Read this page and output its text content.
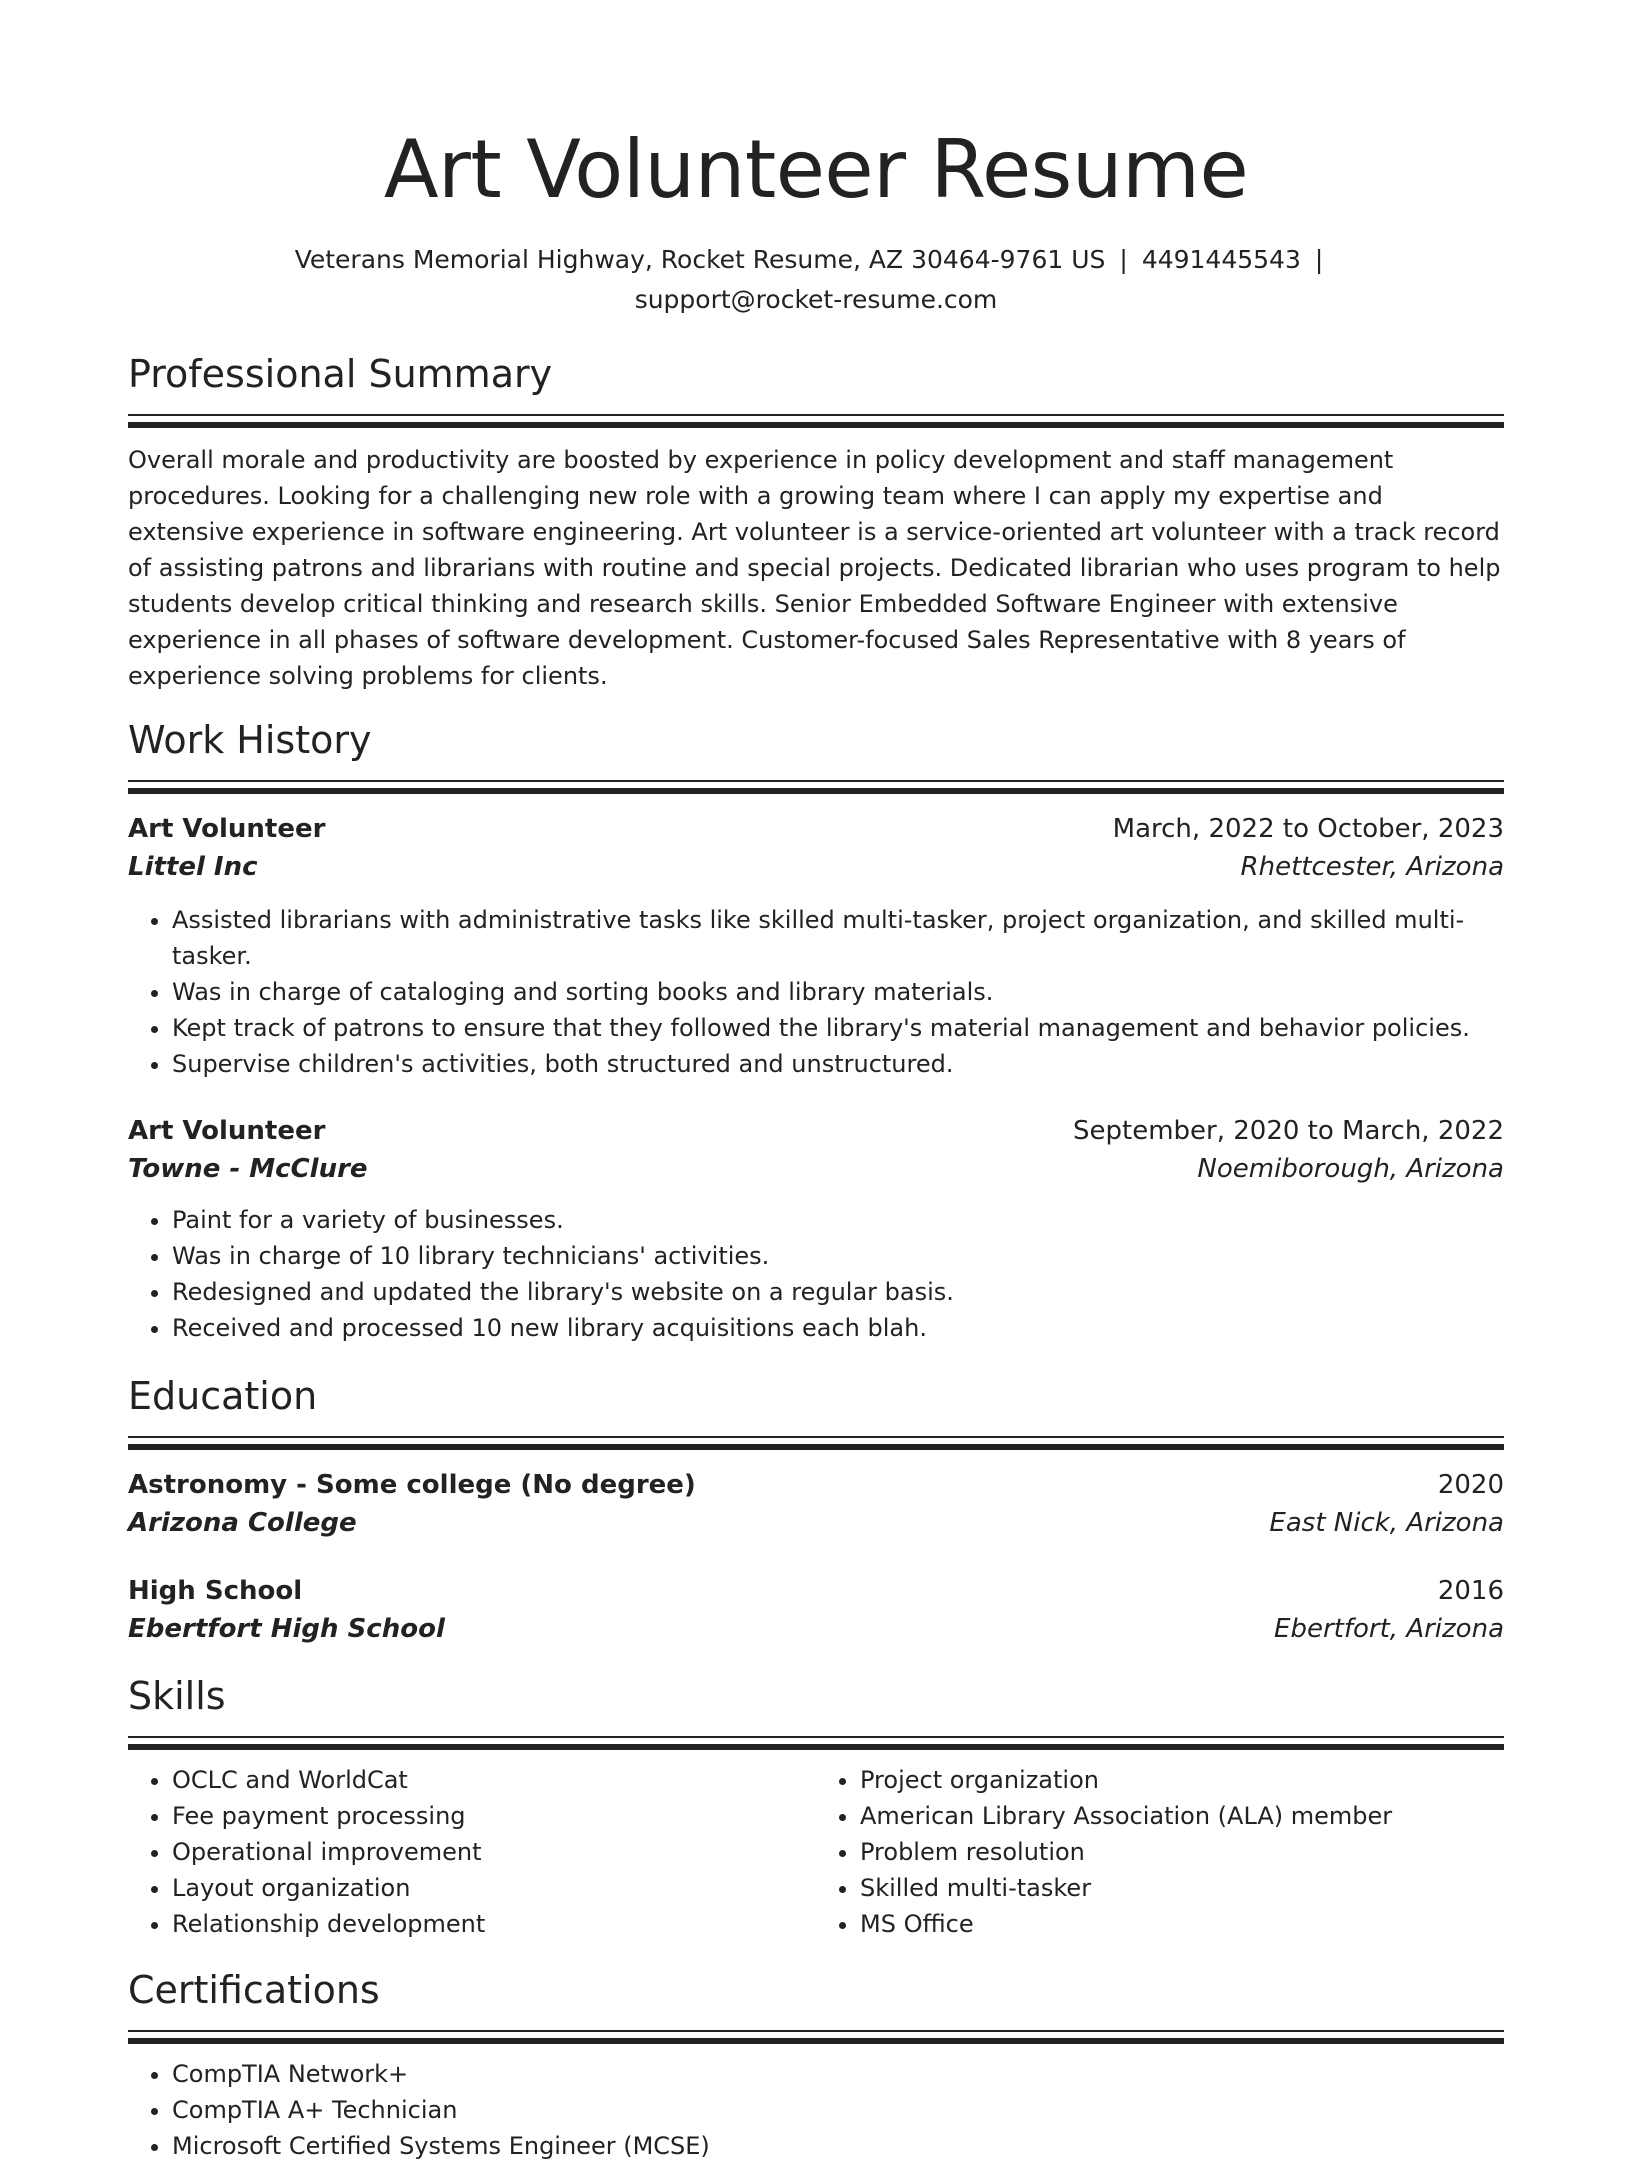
Art Volunteer Resume
Veterans Memorial Highway, Rocket Resume, AZ 30464-9761 US | 4491445543 |
support@rocket-resume.com
Professional Summary

Overall morale and productivity are boosted by experience in policy development and staff management procedures. Looking for a challenging new role with a growing team where I can apply my expertise and extensive experience in software engineering. Art volunteer is a service-oriented art volunteer with a track record of assisting patrons and librarians with routine and special projects. Dedicated librarian who uses program to help students develop critical thinking and research skills. Senior Embedded Software Engineer with extensive experience in all phases of software development. Customer-focused Sales Representative with 8 years of experience solving problems for clients.

Work History
Art Volunteer	March, 2022 to October, 2023
Littel Inc	Rhettcester, Arizona
• Assisted librarians with administrative tasks like skilled multi-tasker, project organization, and skilled multi-tasker.
• Was in charge of cataloging and sorting books and library materials.
• Kept track of patrons to ensure that they followed the library's material management and behavior policies.
• Supervise children's activities, both structured and unstructured.
Art Volunteer	September, 2020 to March, 2022
Towne - McClure	Noemiborough, Arizona
• Paint for a variety of businesses.
• Was in charge of 10 library technicians' activities.
• Redesigned and updated the library's website on a regular basis.
• Received and processed 10 new library acquisitions each blah.
Education
Astronomy - Some college (No degree)	2020
Arizona College	East Nick, Arizona
High School	2016
Ebertfort High School	Ebertfort, Arizona
Skills
• OCLC and WorldCat
• Fee payment processing
• Operational improvement
• Layout organization
• Relationship development
• Project organization
• American Library Association (ALA) member
• Problem resolution
• Skilled multi-tasker
• MS Office
Certifications
• CompTIA Network+
• CompTIA A+ Technician
• Microsoft Certified Systems Engineer (MCSE)
